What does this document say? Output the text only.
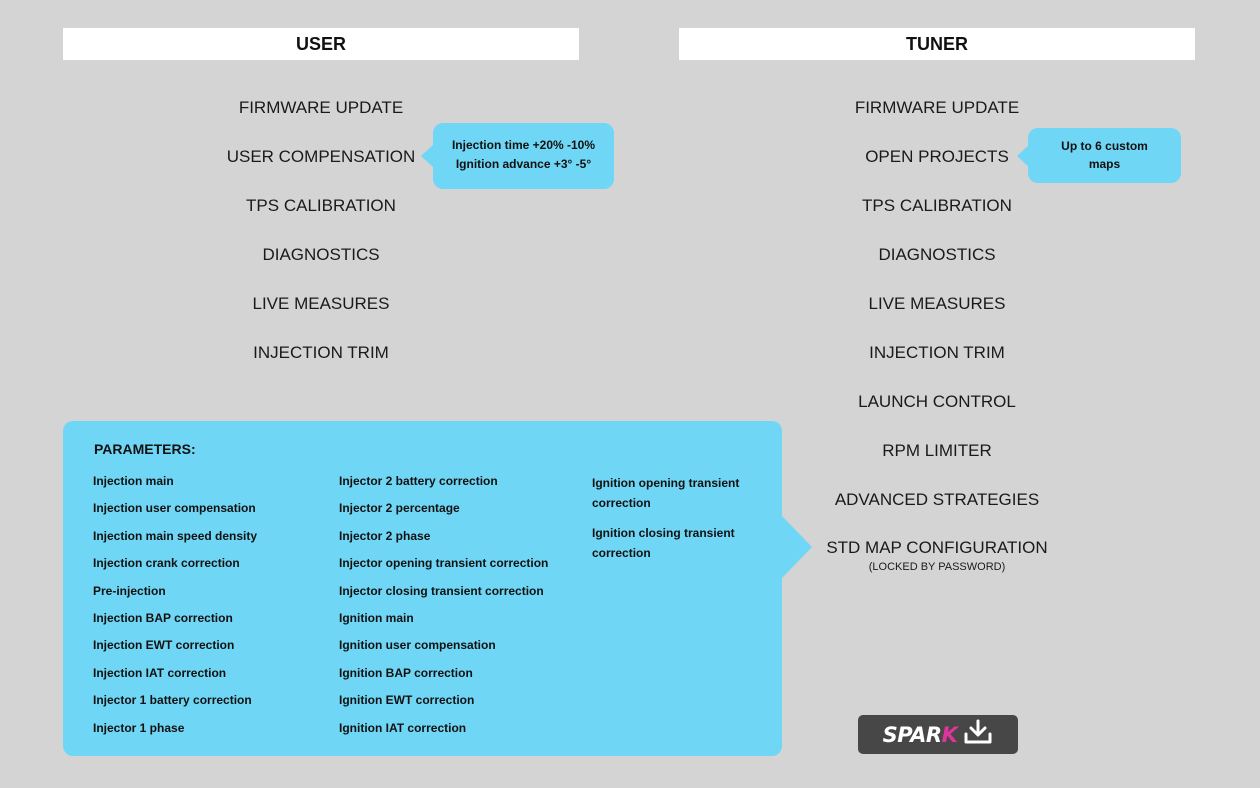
USER	TUNER
FIRMWARE UPDATE
USER COMPENSATION
TPS CALIBRATION
DIAGNOSTICS
LIVE MEASURES
INJECTION TRIM
Injection time +20% -10%
Ignition advance +3° -5°
FIRMWARE UPDATE
OPEN PROJECTS
TPS CALIBRATION
DIAGNOSTICS
LIVE MEASURES
INJECTION TRIM
LAUNCH CONTROL
RPM LIMITER
ADVANCED STRATEGIES
STD MAP CONFIGURATION
(LOCKED BY PASSWORD)
Up to 6 custom
maps
PARAMETERS:
Injection main
Injection user compensation
Injection main speed density
Injection crank correction
Pre-injection
Injection BAP correction
Injection EWT correction
Injection IAT correction
Injector 1 battery correction
Injector 1 phase
Injector 2 battery correction
Injector 2 percentage
Injector 2 phase
Injector opening transient correction
Injector closing transient correction
Ignition main
Ignition user compensation
Ignition BAP correction
Ignition EWT correction
Ignition IAT correction
Ignition opening transient correction
Ignition closing transient correction
SPARK
